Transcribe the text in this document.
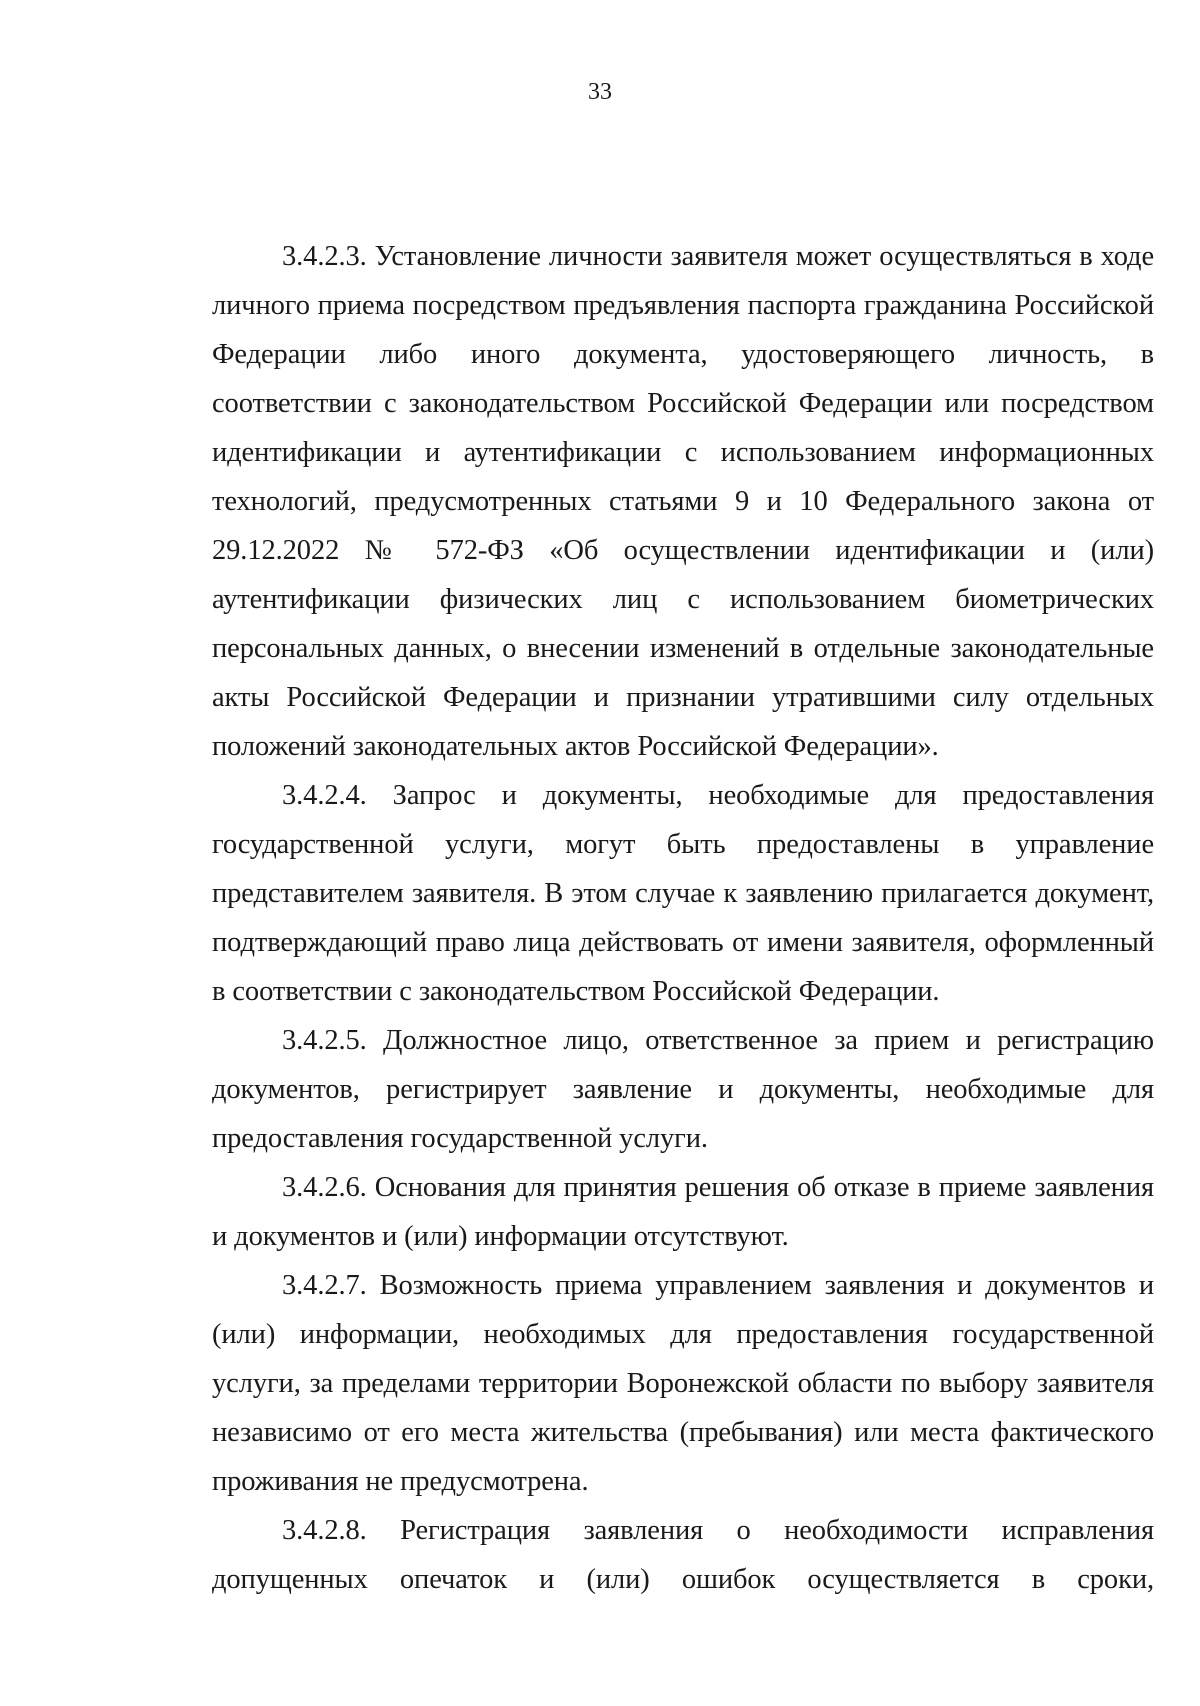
33
3.4.2.3. Установление личности заявителя может осуществляться в ходе
личного приема посредством предъявления паспорта гражданина Российской
Федерации либо иного документа, удостоверяющего личность, в
соответствии с законодательством Российской Федерации или посредством
идентификации и аутентификации с использованием информационных
технологий, предусмотренных статьями 9 и 10 Федерального закона от
29.12.2022 № 572-ФЗ «Об осуществлении идентификации и (или)
аутентификации физических лиц с использованием биометрических
персональных данных, о внесении изменений в отдельные законодательные
акты Российской Федерации и признании утратившими силу отдельных
положений законодательных актов Российской Федерации».
3.4.2.4. Запрос и документы, необходимые для предоставления
государственной услуги, могут быть предоставлены в управление
представителем заявителя. В этом случае к заявлению прилагается документ,
подтверждающий право лица действовать от имени заявителя, оформленный
в соответствии с законодательством Российской Федерации.
3.4.2.5. Должностное лицо, ответственное за прием и регистрацию
документов, регистрирует заявление и документы, необходимые для
предоставления государственной услуги.
3.4.2.6. Основания для принятия решения об отказе в приеме заявления
и документов и (или) информации отсутствуют.
3.4.2.7. Возможность приема управлением заявления и документов и
(или) информации, необходимых для предоставления государственной
услуги, за пределами территории Воронежской области по выбору заявителя
независимо от его места жительства (пребывания) или места фактического
проживания не предусмотрена.
3.4.2.8. Регистрация заявления о необходимости исправления
допущенных опечаток и (или) ошибок осуществляется в сроки,
